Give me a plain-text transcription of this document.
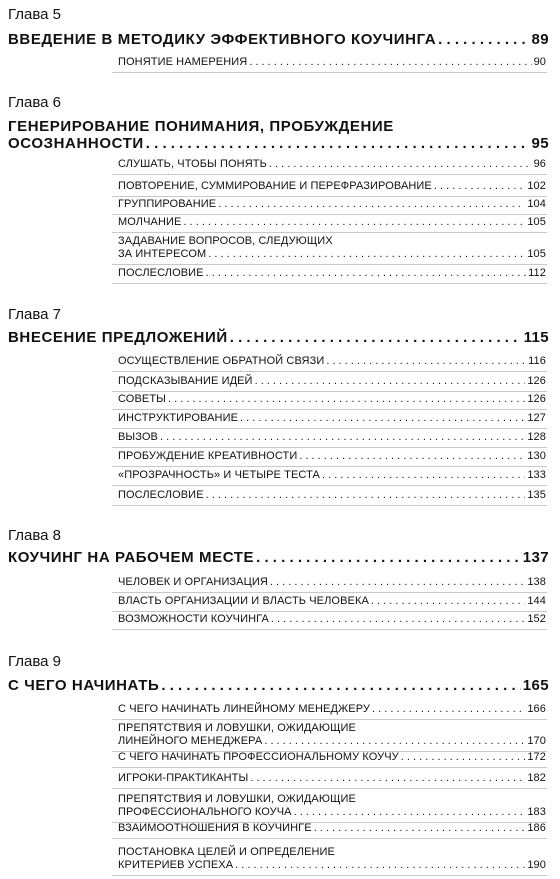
Глава 5
ВВЕДЕНИЕ В МЕТОДИКУ ЭФФЕКТИВНОГО КОУЧИНГА . . .	89
ПОНЯТИЕ НАМЕРЕНИЯ . . .	90
Глава 6
ГЕНЕРИРОВАНИЕ ПОНИМАНИЯ, ПРОБУЖДЕНИЕ
ОСОЗНАННОСТИ . . .	95
СЛУШАТЬ, ЧТОБЫ ПОНЯТЬ . . .	96
ПОВТОРЕНИЕ, СУММИРОВАНИЕ И ПЕРЕФРАЗИРОВАНИЕ . . .	102
ГРУППИРОВАНИЕ . . .	104
МОЛЧАНИЕ . . .	105
ЗАДАВАНИЕ ВОПРОСОВ, СЛЕДУЮЩИХ
ЗА ИНТЕРЕСОМ . . .	105
ПОСЛЕСЛОВИЕ . . .	112
Глава 7
ВНЕСЕНИЕ ПРЕДЛОЖЕНИЙ . . .	115
ОСУЩЕСТВЛЕНИЕ ОБРАТНОЙ СВЯЗИ . . .	116
ПОДСКАЗЫВАНИЕ ИДЕЙ . . .	126
СОВЕТЫ . . .	126
ИНСТРУКТИРОВАНИЕ . . .	127
ВЫЗОВ . . .	128
ПРОБУЖДЕНИЕ КРЕАТИВНОСТИ . . .	130
«ПРОЗРАЧНОСТЬ» И ЧЕТЫРЕ ТЕСТА . . .	133
ПОСЛЕСЛОВИЕ . . .	135
Глава 8
КОУЧИНГ НА РАБОЧЕМ МЕСТЕ . . .	137
ЧЕЛОВЕК И ОРГАНИЗАЦИЯ . . .	138
ВЛАСТЬ ОРГАНИЗАЦИИ И ВЛАСТЬ ЧЕЛОВЕКА . . .	144
ВОЗМОЖНОСТИ КОУЧИНГА . . .	152
Глава 9
С ЧЕГО НАЧИНАТЬ . . .	165
С ЧЕГО НАЧИНАТЬ ЛИНЕЙНОМУ МЕНЕДЖЕРУ . . .	166
ПРЕПЯТСТВИЯ И ЛОВУШКИ, ОЖИДАЮЩИЕ
ЛИНЕЙНОГО МЕНЕДЖЕРА . . .	170
С ЧЕГО НАЧИНАТЬ ПРОФЕССИОНАЛЬНОМУ КОУЧУ . . .	172
ИГРОКИ-ПРАКТИКАНТЫ . . .	182
ПРЕПЯТСТВИЯ И ЛОВУШКИ, ОЖИДАЮЩИЕ
ПРОФЕССИОНАЛЬНОГО КОУЧА . . .	183
ВЗАИМООТНОШЕНИЯ В КОУЧИНГЕ . . .	186
ПОСТАНОВКА ЦЕЛЕЙ И ОПРЕДЕЛЕНИЕ
КРИТЕРИЕВ УСПЕХА . . .	190
